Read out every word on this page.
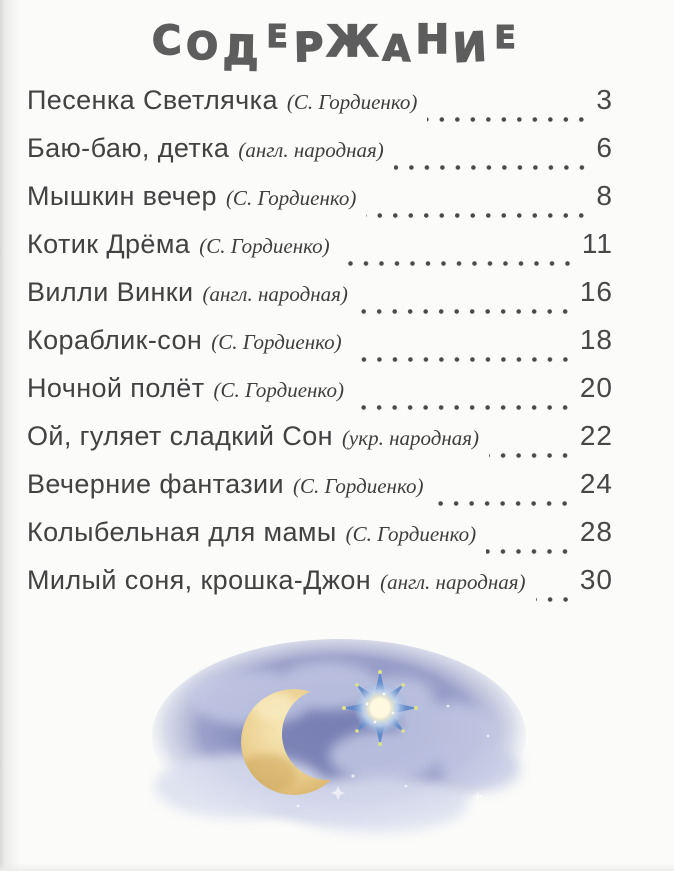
СОДЕРЖАНИЕ
Песенка Светлячка (С. Гордиенко)	3
Баю-баю, детка (англ. народная)	6
Мышкин вечер (С. Гордиенко)	8
Котик Дрёма (С. Гордиенко)	11
Вилли Винки (англ. народная)	16
Кораблик-сон (С. Гордиенко)	18
Ночной полёт (С. Гордиенко)	20
Ой, гуляет сладкий Сон (укр. народная)	22
Вечерние фантазии (С. Гордиенко)	24
Колыбельная для мамы (С. Гордиенко)	28
Милый соня, крошка-Джон (англ. народная) 30
